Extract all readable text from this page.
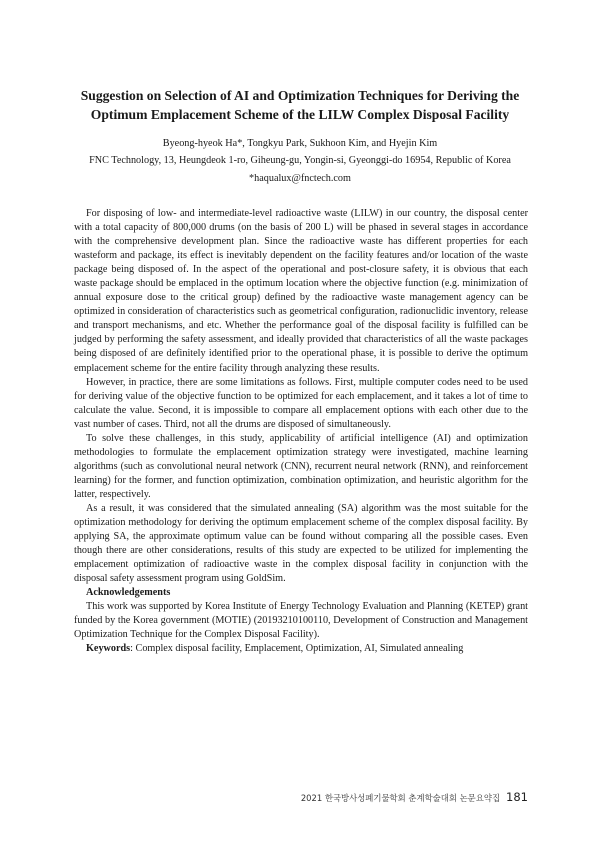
Suggestion on Selection of AI and Optimization Techniques for Deriving the
Optimum Emplacement Scheme of the LILW Complex Disposal Facility
Byeong-hyeok Ha*, Tongkyu Park, Sukhoon Kim, and Hyejin Kim
FNC Technology, 13, Heungdeok 1-ro, Giheung-gu, Yongin-si, Gyeonggi-do 16954, Republic of Korea
*haqualux@fnctech.com

For disposing of low- and intermediate-level radioactive waste (LILW) in our country, the disposal center with a total capacity of 800,000 drums (on the basis of 200 L) will be phased in several stages in accordance with the comprehensive development plan. Since the radioactive waste has different properties for each wasteform and package, its effect is inevitably dependent on the facility features and/or location of the waste package being disposed of. In the aspect of the operational and post-closure safety, it is obvious that each waste package should be emplaced in the optimum location where the objective function (e.g. minimization of annual exposure dose to the critical group) defined by the radioactive waste management agency can be optimized in consideration of characteristics such as geometrical configuration, radionuclidic inventory, release and transport mechanisms, and etc. Whether the performance goal of the disposal facility is fulfilled can be judged by performing the safety assessment, and ideally provided that characteristics of all the waste packages being disposed of are definitely identified prior to the operational phase, it is possible to derive the optimum emplacement scheme for the entire facility through analyzing these results.

However, in practice, there are some limitations as follows. First, multiple computer codes need to be used for deriving value of the objective function to be optimized for each emplacement, and it takes a lot of time to calculate the value. Second, it is impossible to compare all emplacement options with each other due to the vast number of cases. Third, not all the drums are disposed of simultaneously.

To solve these challenges, in this study, applicability of artificial intelligence (AI) and optimization methodologies to formulate the emplacement optimization strategy were investigated, machine learning algorithms (such as convolutional neural network (CNN), recurrent neural network (RNN), and reinforcement learning) for the former, and function optimization, combination optimization, and heuristic algorithm for the latter, respectively.

As a result, it was considered that the simulated annealing (SA) algorithm was the most suitable for the optimization methodology for deriving the optimum emplacement scheme of the complex disposal facility. By applying SA, the approximate optimum value can be found without comparing all the possible cases. Even though there are other considerations, results of this study are expected to be utilized for implementing the emplacement optimization of radioactive waste in the complex disposal facility in conjunction with the disposal safety assessment program using GoldSim.

Acknowledgements

This work was supported by Korea Institute of Energy Technology Evaluation and Planning (KETEP) grant funded by the Korea government (MOTIE) (20193210100110, Development of Construction and Management Optimization Technique for the Complex Disposal Facility).

Keywords: Complex disposal facility, Emplacement, Optimization, AI, Simulated annealing

2021 한국방사성폐기물학회 춘계학술대회 논문요약집 181
